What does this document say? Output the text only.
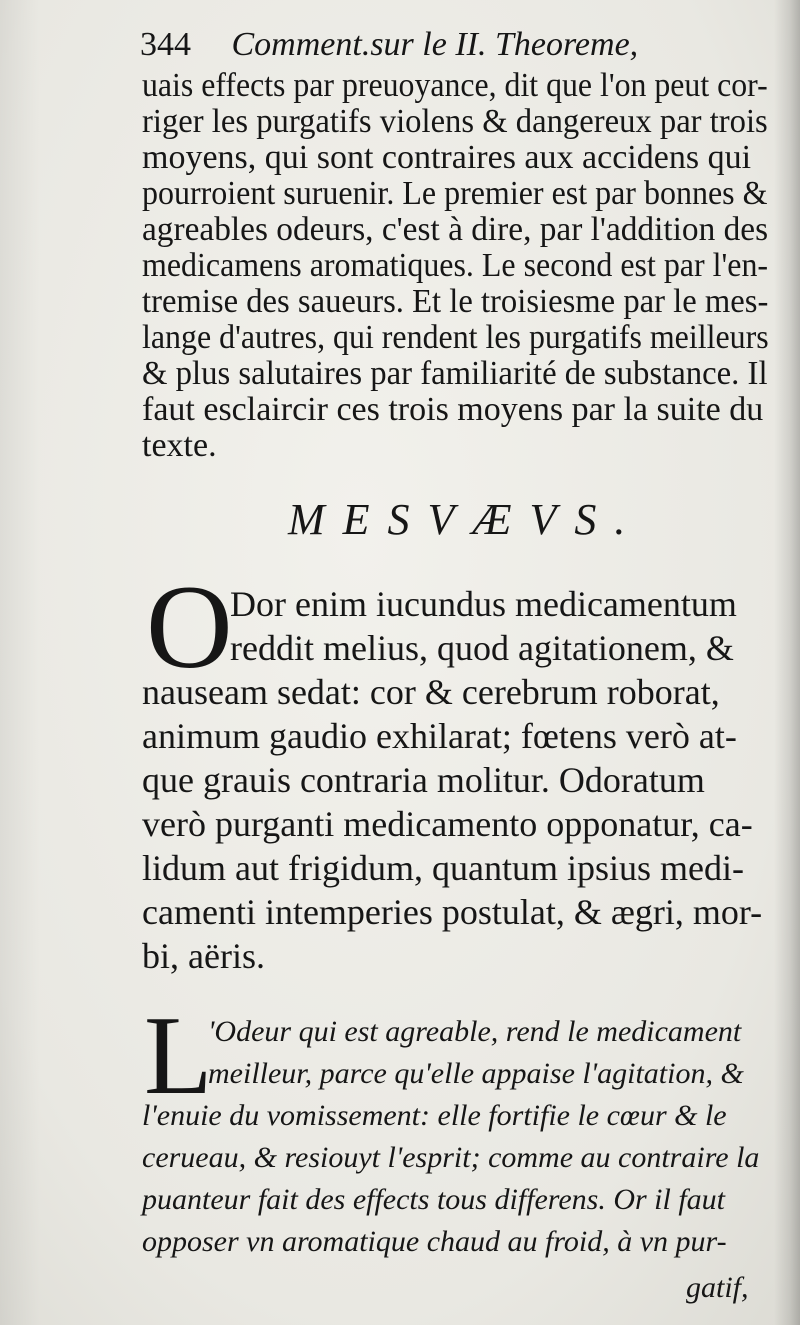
344 Comment.sur le II. Theoreme,
uais effects par preuoyance, dit que l'on peut cor-
riger les purgatifs violens & dangereux par trois
moyens, qui sont contraires aux accidens qui
pourroient suruenir. Le premier est par bonnes &
agreables odeurs, c'est à dire, par l'addition des
medicamens aromatiques. Le second est par l'en-
tremise des saueurs. Et le troisiesme par le mes-
lange d'autres, qui rendent les purgatifs meilleurs
& plus salutaires par familiarité de substance. Il
faut esclaircir ces trois moyens par la suite du
texte.
MESVÆVS.
O
Dor enim iucundus medicamentum
reddit melius, quod agitationem, &
nauseam sedat: cor & cerebrum roborat,
animum gaudio exhilarat; fœtens verò at-
que grauis contraria molitur. Odoratum
verò purganti medicamento opponatur, ca-
lidum aut frigidum, quantum ipsius medi-
camenti intemperies postulat, & ægri, mor-
bi, aëris.
L
'Odeur qui est agreable, rend le medicament
meilleur, parce qu'elle appaise l'agitation, &
l'enuie du vomissement: elle fortifie le cœur & le
cerueau, & resiouyt l'esprit; comme au contraire la
puanteur fait des effects tous differens. Or il faut
opposer vn aromatique chaud au froid, à vn pur-
gatif,
